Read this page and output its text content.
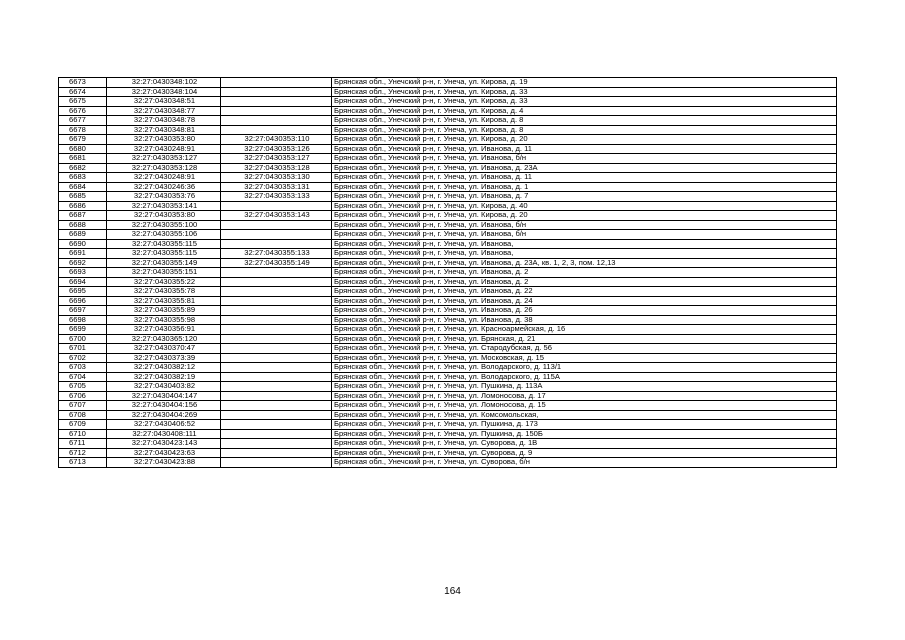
6673	32:27:0430348:102		Брянская обл., Унечский р-н, г. Унеча, ул. Кирова, д. 19
6674	32:27:0430348:104		Брянская обл., Унечский р-н, г. Унеча, ул. Кирова, д. 33
6675	32:27:0430348:51		Брянская обл., Унечский р-н, г. Унеча, ул. Кирова, д. 33
6676	32:27:0430348:77		Брянская обл., Унечский р-н, г. Унеча, ул. Кирова, д. 4
6677	32:27:0430348:78		Брянская обл., Унечский р-н, г. Унеча, ул. Кирова, д. 8
6678	32:27:0430348:81		Брянская обл., Унечский р-н, г. Унеча, ул. Кирова, д. 8
6679	32:27:0430353:80	32:27:0430353:110	Брянская обл., Унечский р-н, г. Унеча, ул. Кирова, д. 20
6680	32:27:0430248:91	32:27:0430353:126	Брянская обл., Унечский р-н, г. Унеча, ул. Иванова, д. 11
6681	32:27:0430353:127	32:27:0430353:127	Брянская обл., Унечский р-н, г. Унеча, ул. Иванова, б/н
6682	32:27:0430353:128	32:27:0430353:128	Брянская обл., Унечский р-н, г. Унеча, ул. Иванова, д. 23А
6683	32:27:0430248:91	32:27:0430353:130	Брянская обл., Унечский р-н, г. Унеча, ул. Иванова, д. 11
6684	32:27:0430246:36	32:27:0430353:131	Брянская обл., Унечский р-н, г. Унеча, ул. Иванова, д. 1
6685	32:27:0430353:76	32:27:0430353:133	Брянская обл., Унечский р-н, г. Унеча, ул. Иванова, д. 7
6686	32:27:0430353:141		Брянская обл., Унечский р-н, г. Унеча, ул. Кирова, д. 40
6687	32:27:0430353:80	32:27:0430353:143	Брянская обл., Унечский р-н, г. Унеча, ул. Кирова, д. 20
6688	32:27:0430355:100		Брянская обл., Унечский р-н, г. Унеча, ул. Иванова, б/н
6689	32:27:0430355:106		Брянская обл., Унечский р-н, г. Унеча, ул. Иванова, б/н
6690	32:27:0430355:115		Брянская обл., Унечский р-н, г. Унеча, ул. Иванова,
6691	32:27:0430355:115	32:27:0430355:133	Брянская обл., Унечский р-н, г. Унеча, ул. Иванова,
6692	32:27:0430355:149	32:27:0430355:149	Брянская обл., Унечский р-н, г. Унеча, ул. Иванова, д. 23А, кв. 1, 2, 3, пом. 12,13
6693	32:27:0430355:151		Брянская обл., Унечский р-н, г. Унеча, ул. Иванова, д. 2
6694	32:27:0430355:22		Брянская обл., Унечский р-н, г. Унеча, ул. Иванова, д. 2
6695	32:27:0430355:78		Брянская обл., Унечский р-н, г. Унеча, ул. Иванова, д. 22
6696	32:27:0430355:81		Брянская обл., Унечский р-н, г. Унеча, ул. Иванова, д. 24
6697	32:27:0430355:89		Брянская обл., Унечский р-н, г. Унеча, ул. Иванова, д. 26
6698	32:27:0430355:98		Брянская обл., Унечский р-н, г. Унеча, ул. Иванова, д. 38
6699	32:27:0430356:91		Брянская обл., Унечский р-н, г. Унеча, ул. Красноармейская, д. 16
6700	32:27:0430365:120		Брянская обл., Унечский р-н, г. Унеча, ул. Брянская, д. 21
6701	32:27:0430370:47		Брянская обл., Унечский р-н, г. Унеча, ул. Стародубская, д. 56
6702	32:27:0430373:39		Брянская обл., Унечский р-н, г. Унеча, ул. Московская, д. 15
6703	32:27:0430382:12		Брянская обл., Унечский р-н, г. Унеча, ул. Володарского, д. 113/1
6704	32:27:0430382:19		Брянская обл., Унечский р-н, г. Унеча, ул. Володарского, д. 115А
6705	32:27:0430403:82		Брянская обл., Унечский р-н, г. Унеча, ул. Пушкина, д. 113А
6706	32:27:0430404:147		Брянская обл., Унечский р-н, г. Унеча, ул. Ломоносова, д. 17
6707	32:27:0430404:156		Брянская обл., Унечский р-н, г. Унеча, ул. Ломоносова, д. 15
6708	32:27:0430404:269		Брянская обл., Унечский р-н, г. Унеча, ул. Комсомольская,
6709	32:27:0430406:52		Брянская обл., Унечский р-н, г. Унеча, ул. Пушкина, д. 173
6710	32:27:0430408:111		Брянская обл., Унечский р-н, г. Унеча, ул. Пушкина, д. 150Б
6711	32:27:0430423:143		Брянская обл., Унечский р-н, г. Унеча, ул. Суворова, д. 1В
6712	32:27:0430423:63		Брянская обл., Унечский р-н, г. Унеча, ул. Суворова, д. 9
6713	32:27:0430423:88		Брянская обл., Унечский р-н, г. Унеча, ул. Суворова, б/н
164
